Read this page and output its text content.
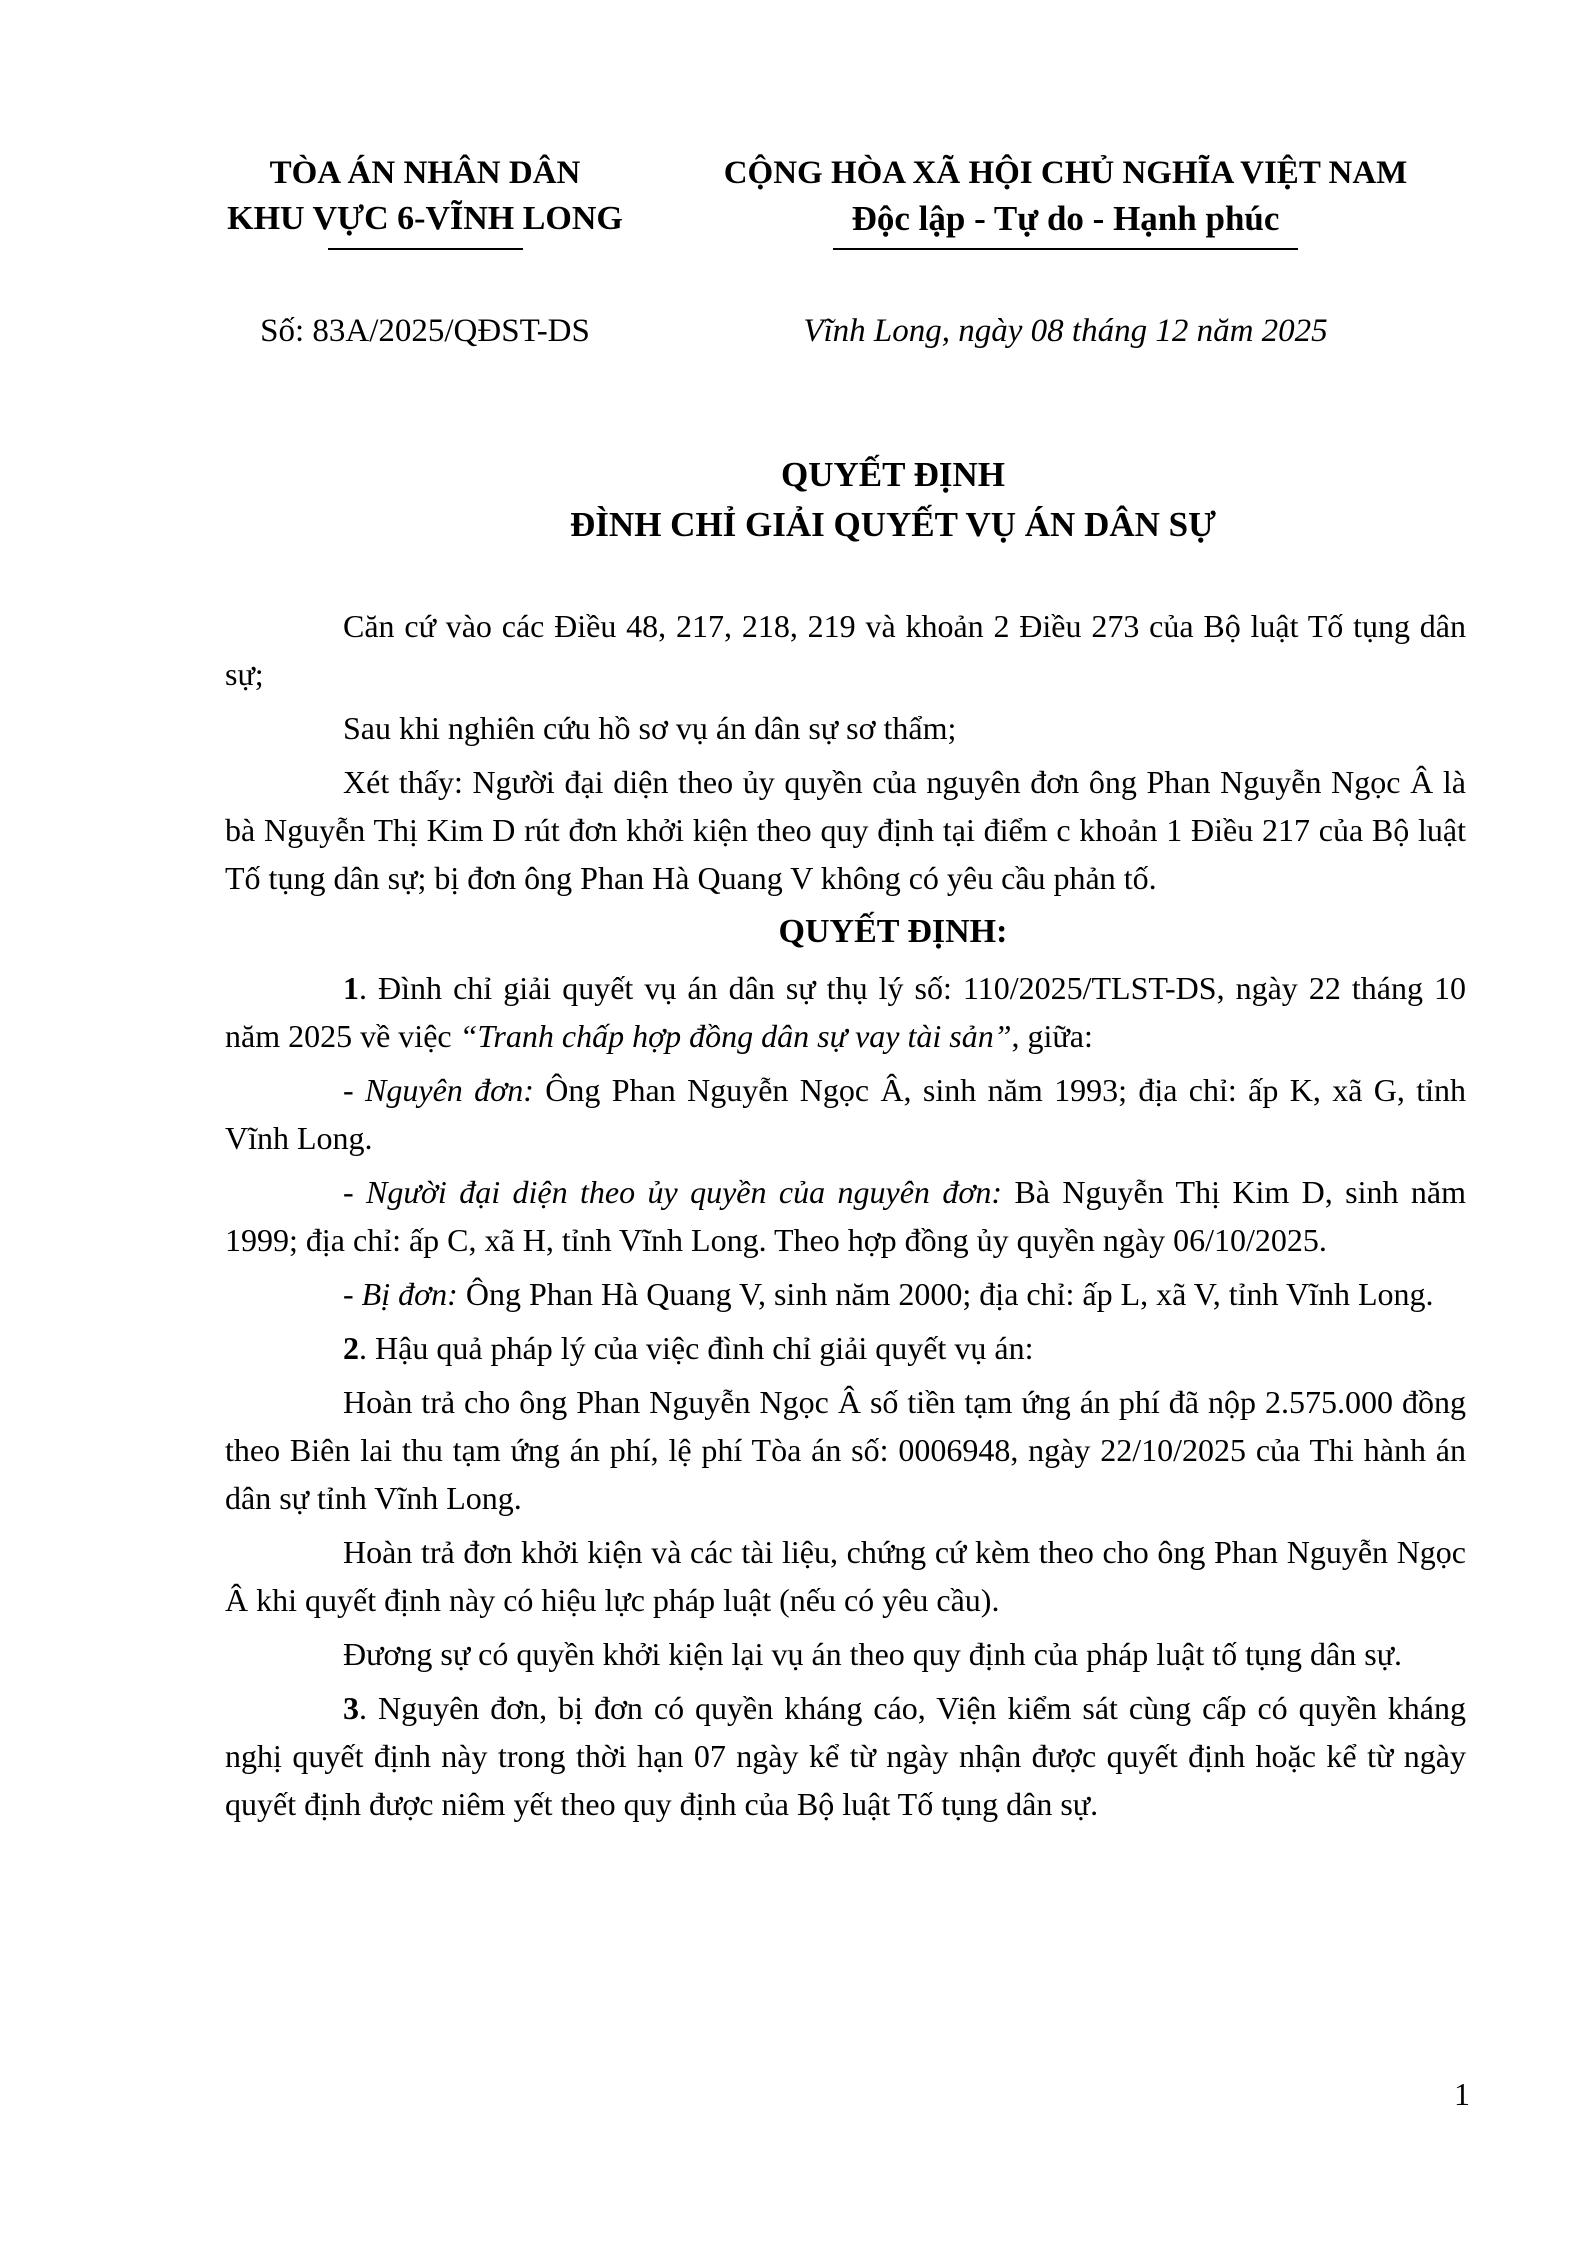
TÒA ÁN NHÂN DÂN
KHU VỰC 6-VĨNH LONG
CỘNG HÒA XÃ HỘI CHỦ NGHĨA VIỆT NAM
Độc lập - Tự do - Hạnh phúc
Số: 83A/2025/QĐST-DS	Vĩnh Long, ngày 08 tháng 12 năm 2025
QUYẾT ĐỊNH
ĐÌNH CHỈ GIẢI QUYẾT VỤ ÁN DÂN SỰ
Căn cứ vào các Điều 48, 217, 218, 219 và khoản 2 Điều 273 của Bộ luật Tố tụng dân sự;
Sau khi nghiên cứu hồ sơ vụ án dân sự sơ thẩm;
Xét thấy: Người đại diện theo ủy quyền của nguyên đơn ông Phan Nguyễn Ngọc Â là bà Nguyễn Thị Kim D rút đơn khởi kiện theo quy định tại điểm c khoản 1 Điều 217 của Bộ luật Tố tụng dân sự; bị đơn ông Phan Hà Quang V không có yêu cầu phản tố.
QUYẾT ĐỊNH:
1. Đình chỉ giải quyết vụ án dân sự thụ lý số: 110/2025/TLST-DS, ngày 22 tháng 10 năm 2025 về việc “Tranh chấp hợp đồng dân sự vay tài sản”, giữa:
- Nguyên đơn: Ông Phan Nguyễn Ngọc Â, sinh năm 1993; địa chỉ: ấp K, xã G, tỉnh Vĩnh Long.
- Người đại diện theo ủy quyền của nguyên đơn: Bà Nguyễn Thị Kim D, sinh năm 1999; địa chỉ: ấp C, xã H, tỉnh Vĩnh Long. Theo hợp đồng ủy quyền ngày 06/10/2025.
- Bị đơn: Ông Phan Hà Quang V, sinh năm 2000; địa chỉ: ấp L, xã V, tỉnh Vĩnh Long.
2. Hậu quả pháp lý của việc đình chỉ giải quyết vụ án:
Hoàn trả cho ông Phan Nguyễn Ngọc Â số tiền tạm ứng án phí đã nộp 2.575.000 đồng theo Biên lai thu tạm ứng án phí, lệ phí Tòa án số: 0006948, ngày 22/10/2025 của Thi hành án dân sự tỉnh Vĩnh Long.
Hoàn trả đơn khởi kiện và các tài liệu, chứng cứ kèm theo cho ông Phan Nguyễn Ngọc Â khi quyết định này có hiệu lực pháp luật (nếu có yêu cầu).
Đương sự có quyền khởi kiện lại vụ án theo quy định của pháp luật tố tụng dân sự.
3. Nguyên đơn, bị đơn có quyền kháng cáo, Viện kiểm sát cùng cấp có quyền kháng nghị quyết định này trong thời hạn 07 ngày kể từ ngày nhận được quyết định hoặc kể từ ngày quyết định được niêm yết theo quy định của Bộ luật Tố tụng dân sự.
1
